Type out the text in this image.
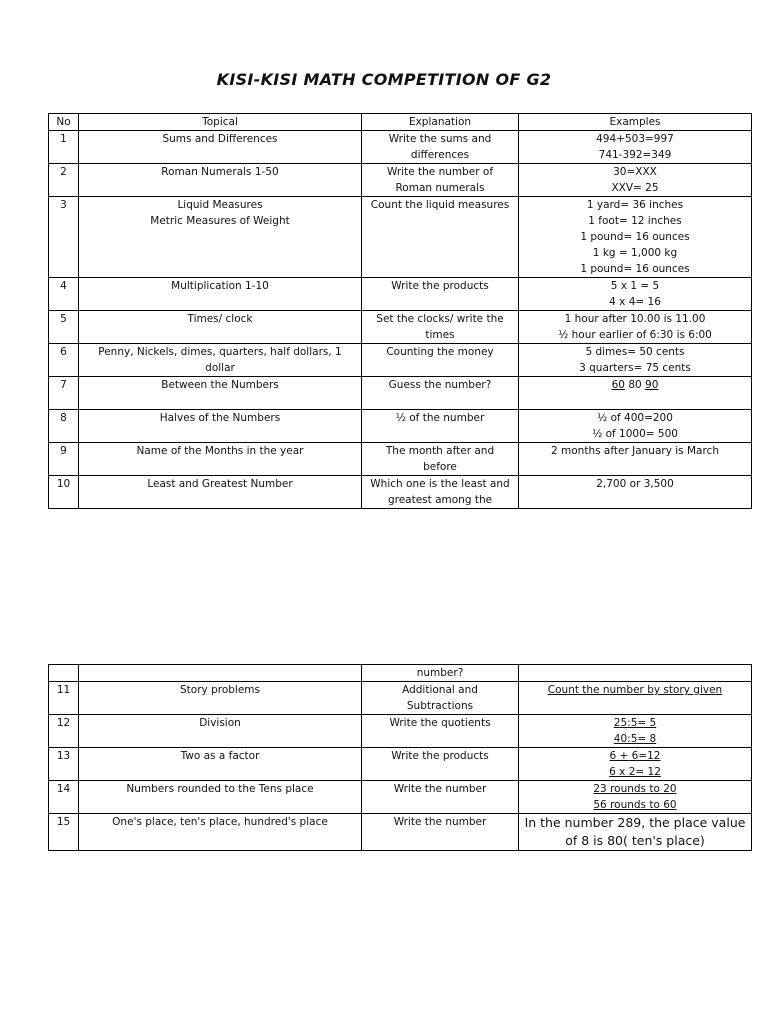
KISI-KISI MATH COMPETITION OF G2
No	Topical	Explanation	Examples
1	Sums and Differences	Write the sums and
differences	494+503=997
741-392=349

2	Roman Numerals 1-50	Write the number of
Roman numerals	30=XXX
XXV= 25

3	Liquid Measures
Metric Measures of Weight	Count the liquid measures	1 yard= 36 inches
1 foot= 12 inches
1 pound= 16 ounces
1 kg = 1,000 kg
1 pound= 16 ounces

4	Multiplication 1-10	Write the products	5 x 1 = 5
4 x 4= 16

5	Times/ clock	Set the clocks/ write the
times	1 hour after 10.00 is 11.00
½ hour earlier of 6:30 is 6:00

6	Penny, Nickels, dimes, quarters, half dollars, 1
dollar	Counting the money	5 dimes= 50 cents
3 quarters= 75 cents

7	Between the Numbers	Guess the number?	60 80 90
8	Halves of the Numbers	½ of the number	½ of 400=200
½ of 1000= 500

9	Name of the Months in the year	The month after and
before	2 months after January is March

10	Least and Greatest Number	Which one is the least and
greatest among the	2,700 or 3,500
		number?	
11	Story problems	Additional and
Subtractions	Count the number by story given

12	Division	Write the quotients	25:5= 5
40:5= 8

13	Two as a factor	Write the products	6 + 6=12
6 x 2= 12

14	Numbers rounded to the Tens place	Write the number	23 rounds to 20
56 rounds to 60

15	One's place, ten's place, hundred's place	Write the number	In the number 289, the place value
of 8 is 80( ten's place)
